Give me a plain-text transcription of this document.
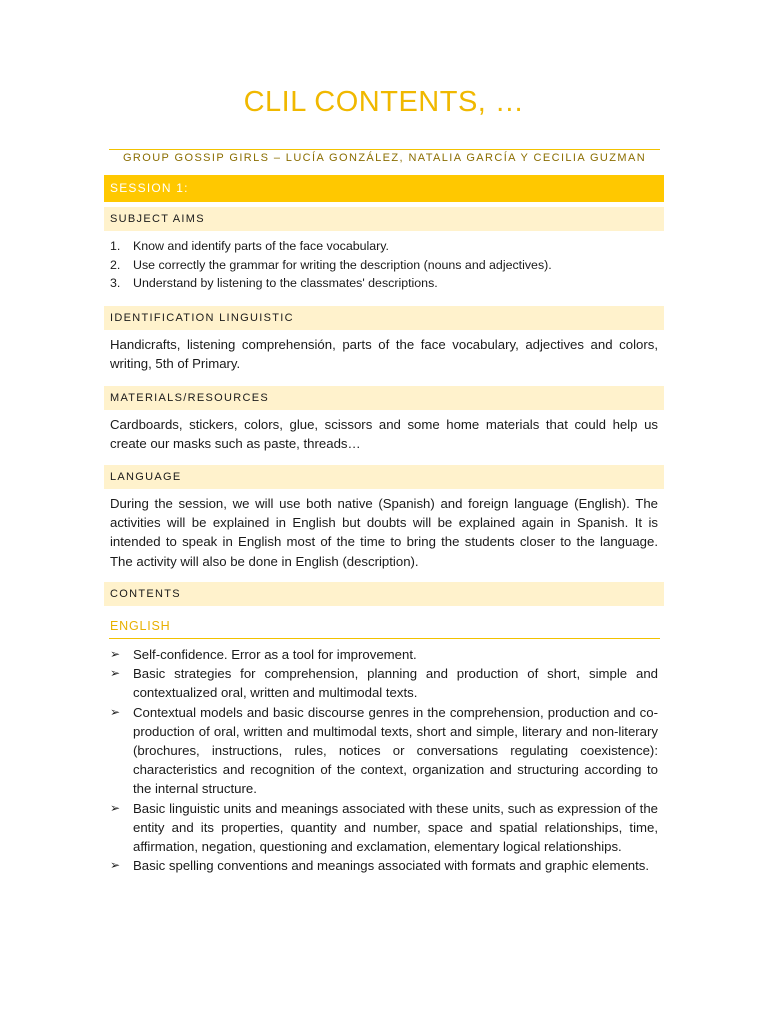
CLIL CONTENTS, …
GROUP GOSSIP GIRLS – LUCÍA GONZÁLEZ, NATALIA GARCÍA Y CECILIA GUZMAN
SESSION 1:
SUBJECT AIMS
1. Know and identify parts of the face vocabulary.
2. Use correctly the grammar for writing the description (nouns and adjectives).
3. Understand by listening to the classmates' descriptions.
IDENTIFICATION LINGUISTIC
Handicrafts, listening comprehensión, parts of the face vocabulary, adjectives and colors, writing, 5th of Primary.
MATERIALS/RESOURCES
Cardboards, stickers, colors, glue, scissors and some home materials that could help us create our masks such as paste, threads…
LANGUAGE
During the session, we will use both native (Spanish) and foreign language (English). The activities will be explained in English but doubts will be explained again in Spanish. It is intended to speak in English most of the time to bring the students closer to the language. The activity will also be done in English (description).
CONTENTS
ENGLISH
➢ Self-confidence. Error as a tool for improvement.
➢ Basic strategies for comprehension, planning and production of short, simple and contextualized oral, written and multimodal texts.
➢ Contextual models and basic discourse genres in the comprehension, production and co-production of oral, written and multimodal texts, short and simple, literary and non-literary (brochures, instructions, rules, notices or conversations regulating coexistence): characteristics and recognition of the context, organization and structuring according to the internal structure.
➢ Basic linguistic units and meanings associated with these units, such as expression of the entity and its properties, quantity and number, space and spatial relationships, time, affirmation, negation, questioning and exclamation, elementary logical relationships.
➢ Basic spelling conventions and meanings associated with formats and graphic elements.
